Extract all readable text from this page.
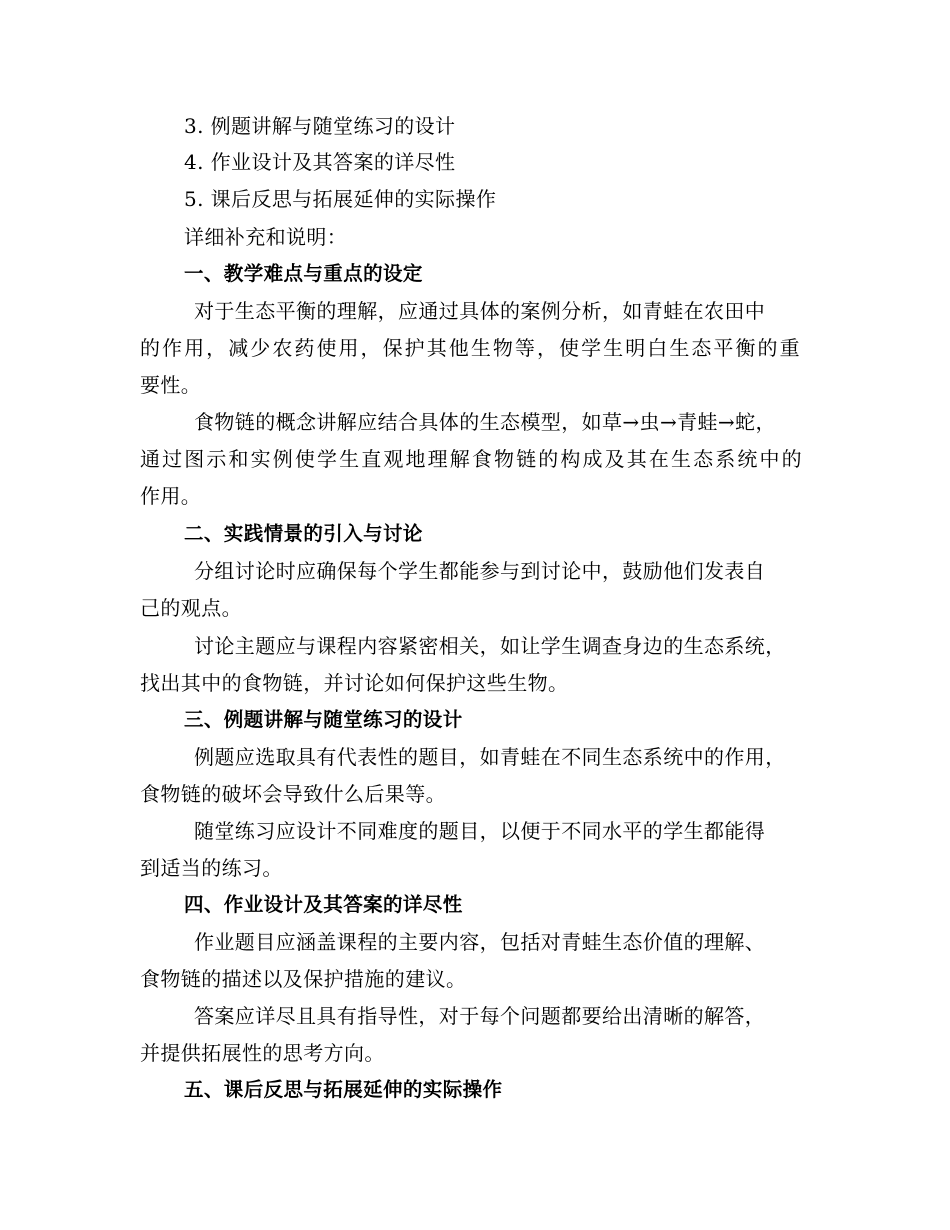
3. 例题讲解与随堂练习的设计
4. 作业设计及其答案的详尽性
5. 课后反思与拓展延伸的实际操作
详细补充和说明：
一、教学难点与重点的设定
对于生态平衡的理解，应通过具体的案例分析，如青蛙在农田中
的作用，减少农药使用，保护其他生物等，使学生明白生态平衡的重
要性。
食物链的概念讲解应结合具体的生态模型，如草→虫→青蛙→蛇，
通过图示和实例使学生直观地理解食物链的构成及其在生态系统中的
作用。
二、实践情景的引入与讨论
分组讨论时应确保每个学生都能参与到讨论中，鼓励他们发表自
己的观点。
讨论主题应与课程内容紧密相关，如让学生调查身边的生态系统，
找出其中的食物链，并讨论如何保护这些生物。
三、例题讲解与随堂练习的设计
例题应选取具有代表性的题目，如青蛙在不同生态系统中的作用，
食物链的破坏会导致什么后果等。
随堂练习应设计不同难度的题目，以便于不同水平的学生都能得
到适当的练习。
四、作业设计及其答案的详尽性
作业题目应涵盖课程的主要内容，包括对青蛙生态价值的理解、
食物链的描述以及保护措施的建议。
答案应详尽且具有指导性，对于每个问题都要给出清晰的解答，
并提供拓展性的思考方向。
五、课后反思与拓展延伸的实际操作
